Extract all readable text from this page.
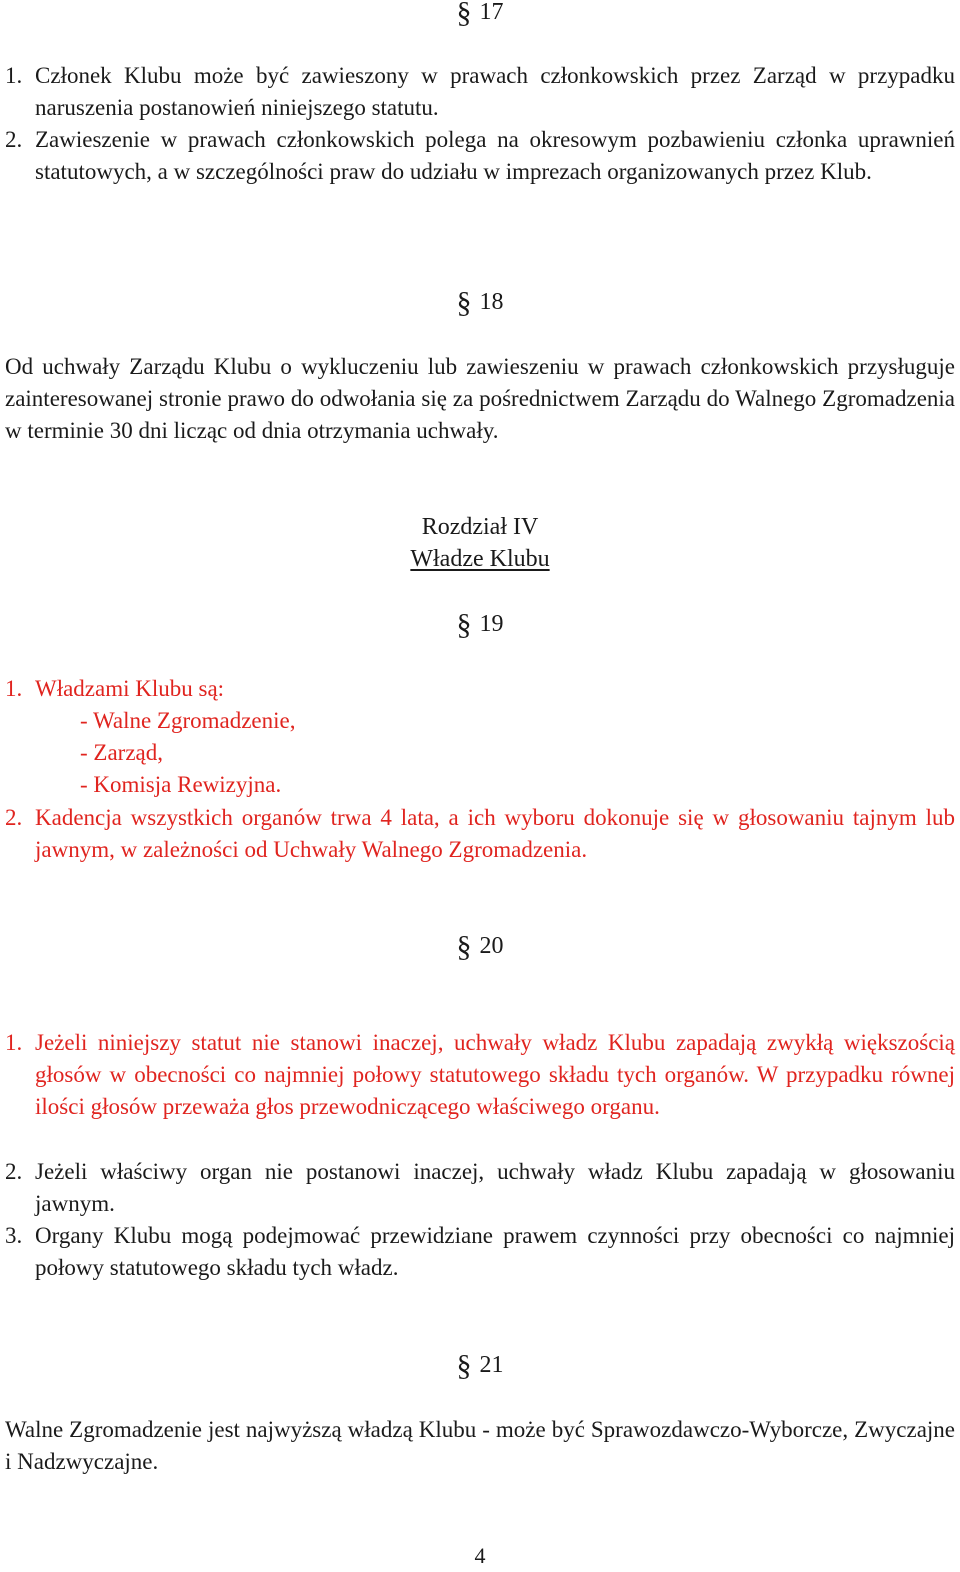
§ 17
1. Członek Klubu może być zawieszony w prawach członkowskich przez Zarząd w przypadku naruszenia postanowień niniejszego statutu.
2. Zawieszenie w prawach członkowskich polega na okresowym pozbawieniu członka uprawnień statutowych, a w szczególności praw do udziału w imprezach organizowanych przez Klub.
§ 18
Od uchwały Zarządu Klubu o wykluczeniu lub zawieszeniu w prawach członkowskich przysługuje zainteresowanej stronie prawo do odwołania się za pośrednictwem Zarządu do Walnego Zgromadzenia w terminie 30 dni licząc od dnia otrzymania uchwały.
Rozdział IV
Władze Klubu
§ 19
1. Władzami Klubu są:
- Walne Zgromadzenie,
- Zarząd,
- Komisja Rewizyjna.
2. Kadencja wszystkich organów trwa 4 lata, a ich wyboru dokonuje się w głosowaniu tajnym lub jawnym, w zależności od Uchwały Walnego Zgromadzenia.
§ 20
1. Jeżeli niniejszy statut nie stanowi inaczej, uchwały władz Klubu zapadają zwykłą większością głosów w obecności co najmniej połowy statutowego składu tych organów. W przypadku równej ilości głosów przeważa głos przewodniczącego właściwego organu.
2. Jeżeli właściwy organ nie postanowi inaczej, uchwały władz Klubu zapadają w głosowaniu jawnym.
3. Organy Klubu mogą podejmować przewidziane prawem czynności przy obecności co najmniej połowy statutowego składu tych władz.
§ 21
Walne Zgromadzenie jest najwyższą władzą Klubu - może być Sprawozdawczo-Wyborcze, Zwyczajne i Nadzwyczajne.
4
